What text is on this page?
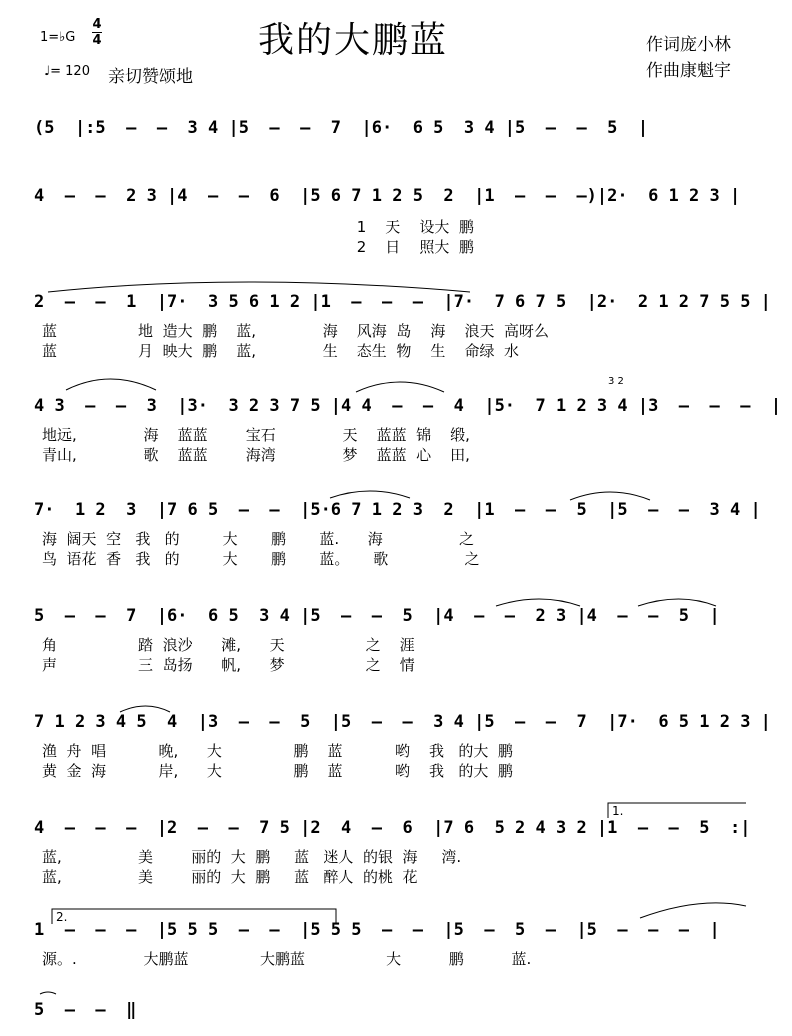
我的大鹏蓝
1=♭G
4
4
♩= 120 亲切赞颂地
作词庞小林
作曲康魁宇
(5  |:5  –  –  3 4 |5  –  –  7  |6·  6 5  3 4 |5  –  –  5  |
4  –  –  2 3 |4  –  –  6  |5 6 7 1 2 5  2  |1  –  –  –)|2·  6 1 2 3 |
1    天    设大  鹏
2    日    照大  鹏
2  –  –  1  |7·  3 5 6 1 2 |1  –  –  –  |7·  7 6 7 5  |2·  2 1 2 7 5 5 |
蓝                 地  造大  鹏    蓝,              海    风海  岛    海    浪天  高呀么
蓝                 月  映大  鹏    蓝,              生    态生  物    生    命绿  水
4 3  –  –  3  |3·  3 2 3 7 5 |4 4  –  –  4  |5·  7 1 2 3 4 |3  –  –  –  |
地远,              海    蓝蓝        宝石              天    蓝蓝  锦    缎,
青山,              歌    蓝蓝        海湾              梦    蓝蓝  心    田,
7·  1 2  3  |7 6 5  –  –  |5·6 7 1 2 3  2  |1  –  –  5  |5  –  –  3 4 |
海  阔天  空   我   的         大       鹏       蓝.      海                之
鸟  语花  香   我   的         大       鹏       蓝。     歌                之
5  –  –  7  |6·  6 5  3 4 |5  –  –  5  |4  –  –  2 3 |4  –  –  5  |
角                 踏  浪沙      滩,      天                 之    涯
声                 三  岛扬      帆,      梦                 之    情
7 1 2 3 4 5  4  |3  –  –  5  |5  –  –  3 4 |5  –  –  7  |7·  6 5 1 2 3 |
渔  舟  唱           晚,      大               鹏    蓝           哟    我   的大  鹏
黄  金  海           岸,      大               鹏    蓝           哟    我   的大  鹏
4  –  –  –  |2  –  –  7 5 |2  4  –  6  |7 6  5 2 4 3 2 |1  –  –  5  :|
蓝,                美        丽的  大  鹏     蓝   迷人  的银  海     湾.
蓝,                美        丽的  大  鹏     蓝   醉人  的桃  花
1  –  –  –  |5 5 5  –  –  |5 5 5  –  –  |5  –  5  –  |5  –  –  –  |
源。.              大鹏蓝               大鹏蓝                 大          鹏          蓝.
5  –  –  ‖
1.
2.
3 2
